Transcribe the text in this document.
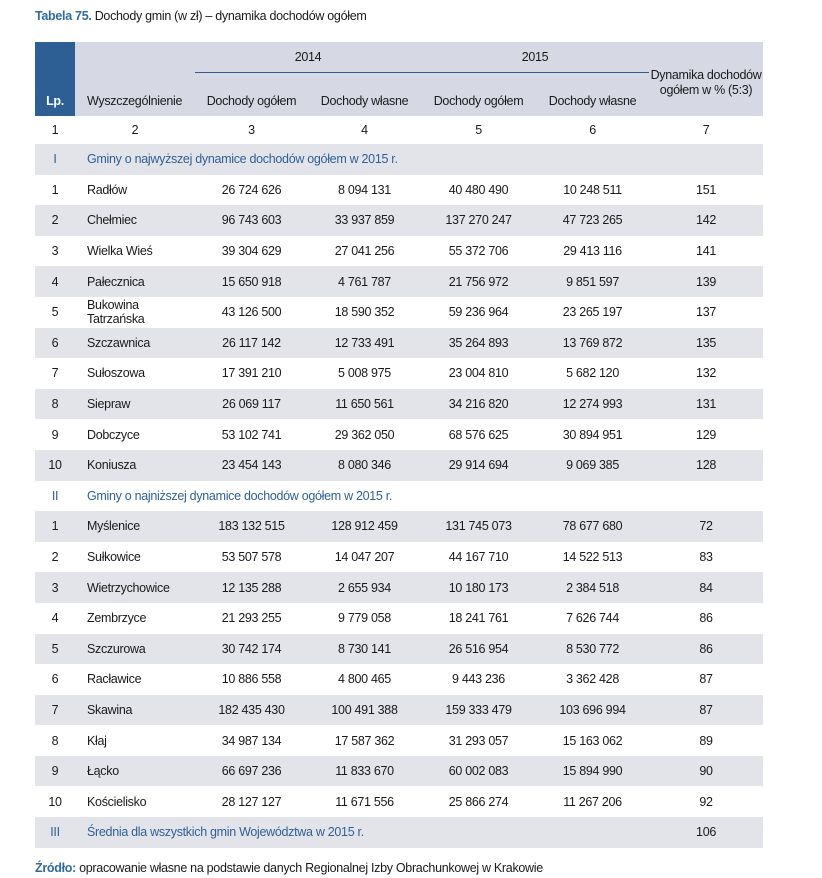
Tabela 75. Dochody gmin (w zł) – dynamika dochodów ogółem
Lp.	Wyszczególnienie	2014		2015		Dynamika dochodów ogółem w % (5:3)
		Dochody ogółem	Dochody własne	Dochody ogółem	Dochody własne	
1	2	3	4	5	6	7
I	Gminy o najwyższej dynamice dochodów ogółem w 2015 r.					
1	Radłów	26 724 626	8 094 131	40 480 490	10 248 511	151
2	Chełmiec	96 743 603	33 937 859	137 270 247	47 723 265	142
3	Wielka Wieś	39 304 629	27 041 256	55 372 706	29 413 116	141
4	Pałecznica	15 650 918	4 761 787	21 756 972	9 851 597	139
5	Bukowina Tatrzańska	43 126 500	18 590 352	59 236 964	23 265 197	137
6	Szczawnica	26 117 142	12 733 491	35 264 893	13 769 872	135
7	Sułoszowa	17 391 210	5 008 975	23 004 810	5 682 120	132
8	Siepraw	26 069 117	11 650 561	34 216 820	12 274 993	131
9	Dobczyce	53 102 741	29 362 050	68 576 625	30 894 951	129
10	Koniusza	23 454 143	8 080 346	29 914 694	9 069 385	128
II	Gminy o najniższej dynamice dochodów ogółem w 2015 r.					
1	Myślenice	183 132 515	128 912 459	131 745 073	78 677 680	72
2	Sułkowice	53 507 578	14 047 207	44 167 710	14 522 513	83
3	Wietrzychowice	12 135 288	2 655 934	10 180 173	2 384 518	84
4	Zembrzyce	21 293 255	9 779 058	18 241 761	7 626 744	86
5	Szczurowa	30 742 174	8 730 141	26 516 954	8 530 772	86
6	Racławice	10 886 558	4 800 465	9 443 236	3 362 428	87
7	Skawina	182 435 430	100 491 388	159 333 479	103 696 994	87
8	Kłaj	34 987 134	17 587 362	31 293 057	15 163 062	89
9	Łącko	66 697 236	11 833 670	60 002 083	15 894 990	90
10	Kościelisko	28 127 127	11 671 556	25 866 274	11 267 206	92
III	Średnia dla wszystkich gmin Województwa w 2015 r.					106
Źródło: opracowanie własne na podstawie danych Regionalnej Izby Obrachunkowej w Krakowie
